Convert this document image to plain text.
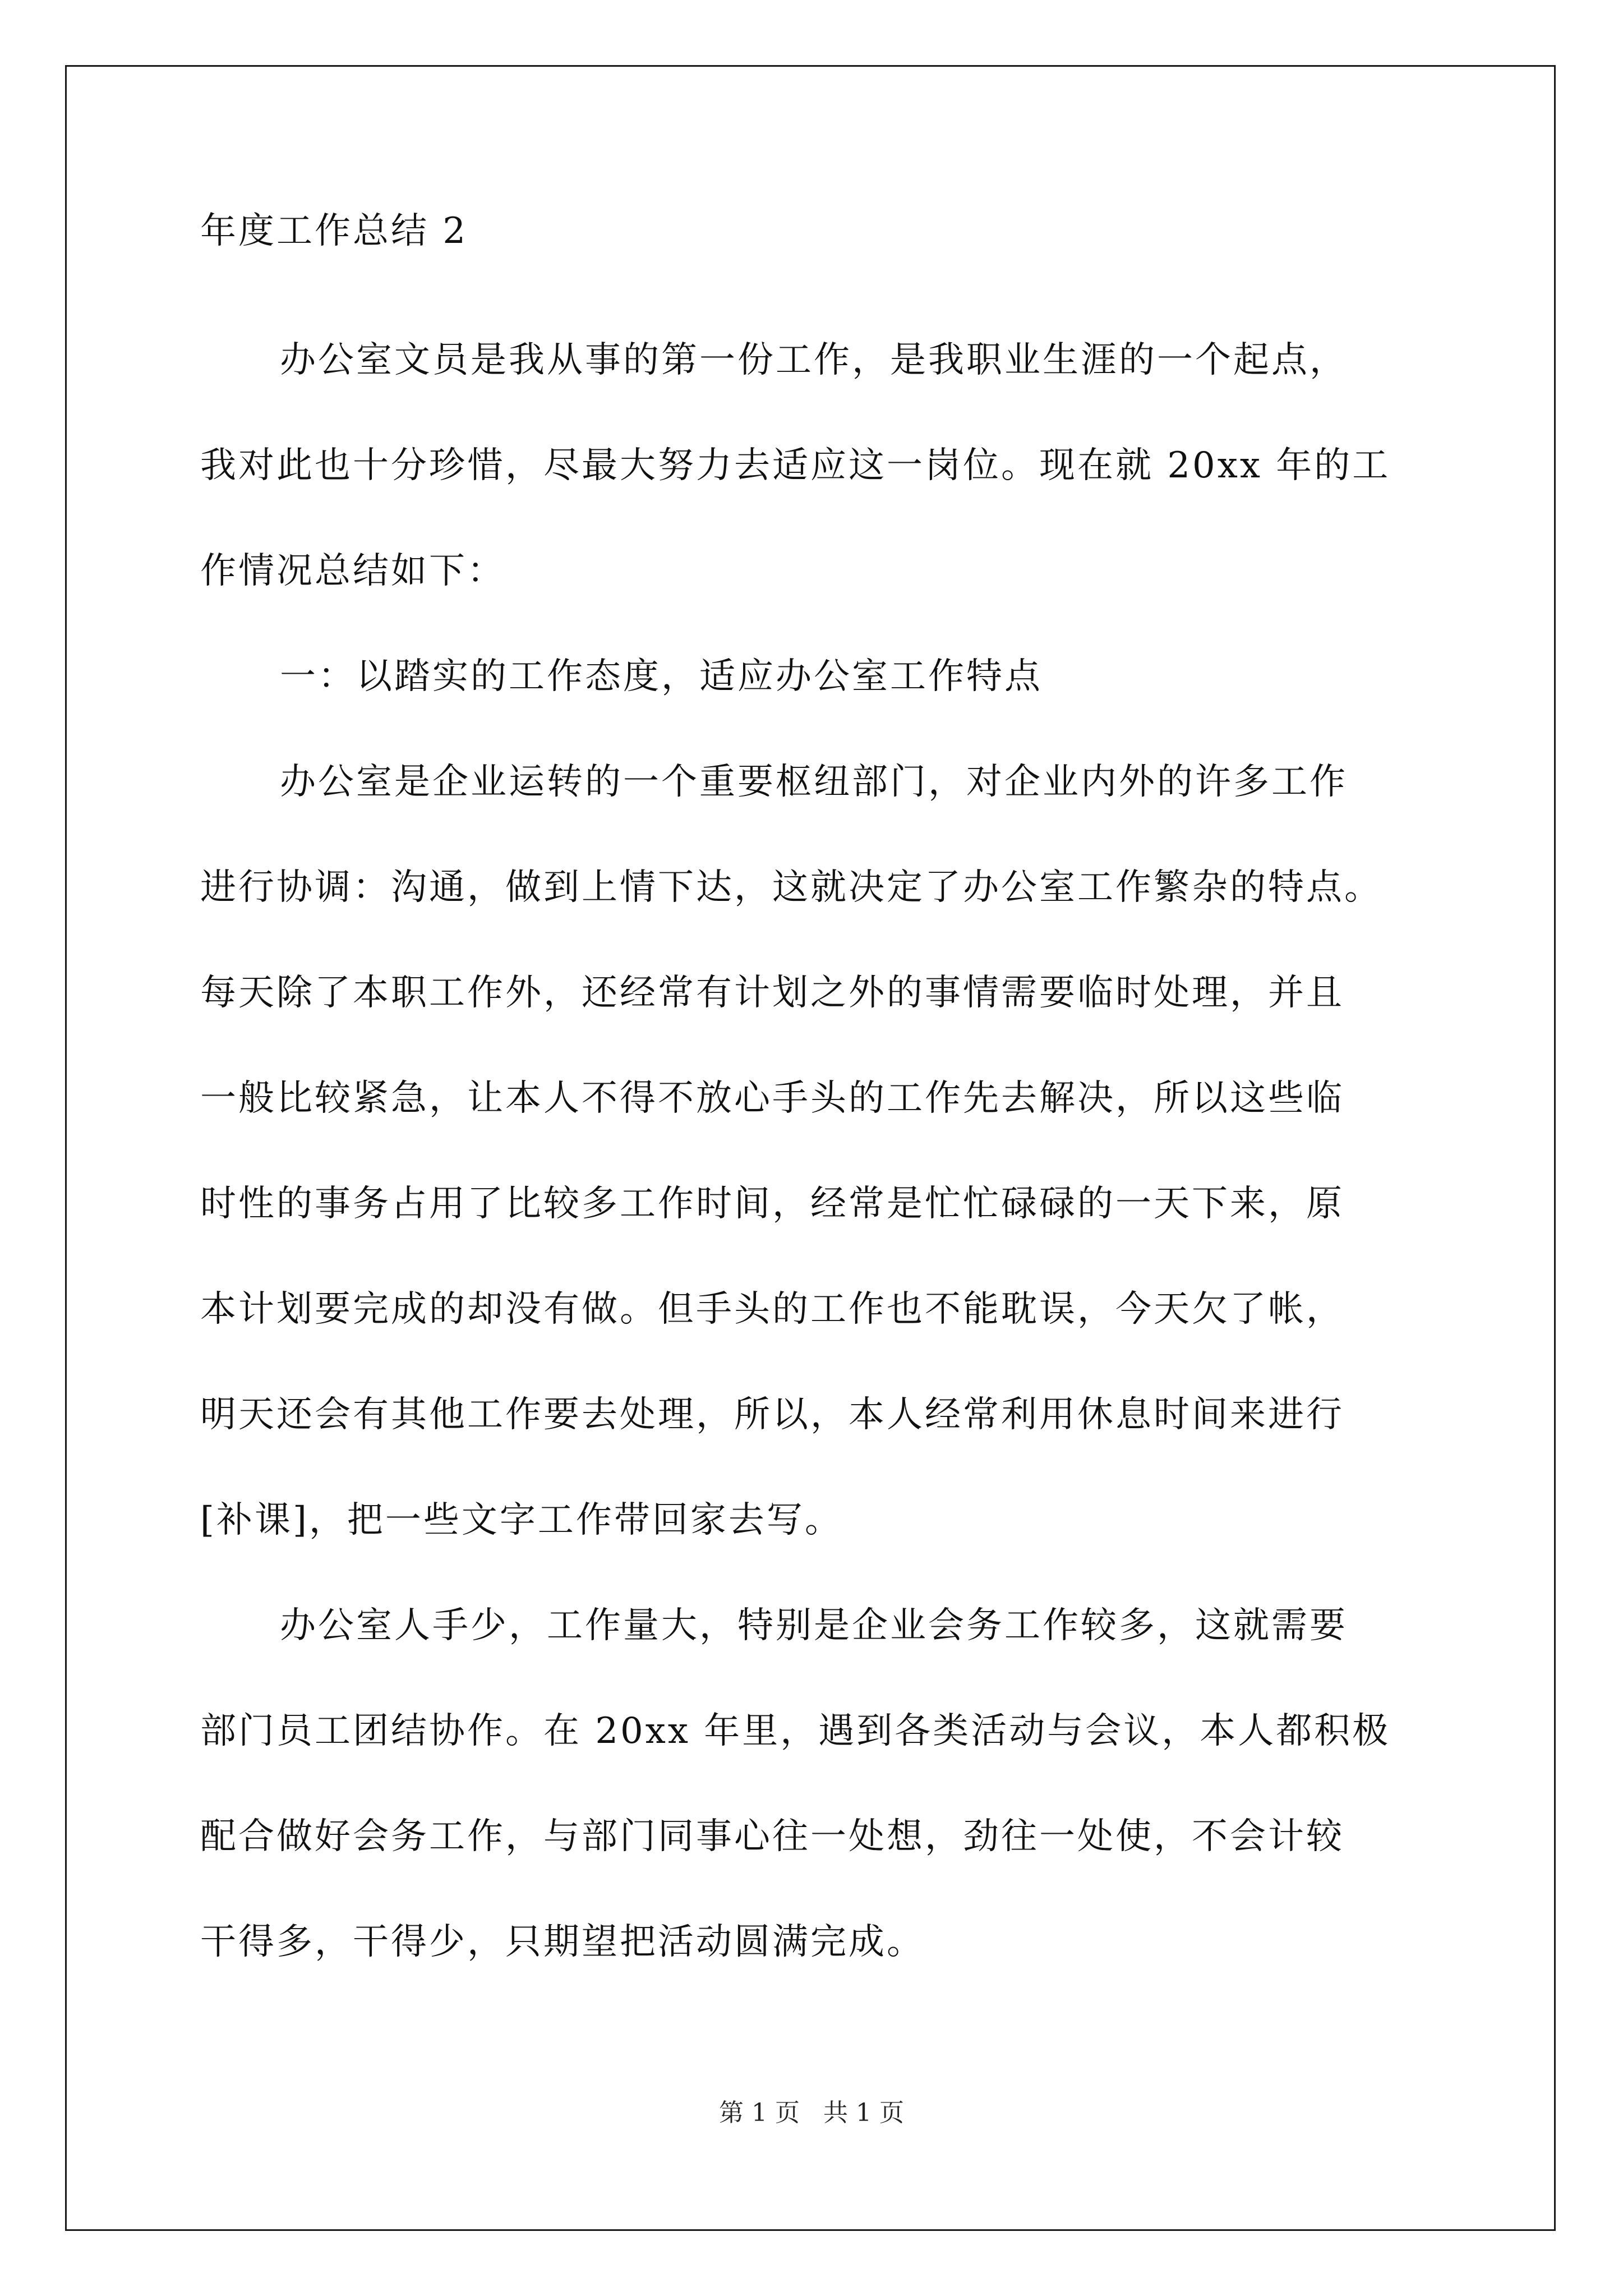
年度工作总结 2

办公室文员是我从事的第一份工作，是我职业生涯的一个起点，
我对此也十分珍惜，尽最大努力去适应这一岗位。现在就 20xx 年的工
作情况总结如下：

一：以踏实的工作态度，适应办公室工作特点

办公室是企业运转的一个重要枢纽部门，对企业内外的许多工作
进行协调：沟通，做到上情下达，这就决定了办公室工作繁杂的特点。
每天除了本职工作外，还经常有计划之外的事情需要临时处理，并且
一般比较紧急，让本人不得不放心手头的工作先去解决，所以这些临
时性的事务占用了比较多工作时间，经常是忙忙碌碌的一天下来，原
本计划要完成的却没有做。但手头的工作也不能耽误，今天欠了帐，
明天还会有其他工作要去处理，所以，本人经常利用休息时间来进行
[补课]，把一些文字工作带回家去写。

办公室人手少，工作量大，特别是企业会务工作较多，这就需要
部门员工团结协作。在 20xx 年里，遇到各类活动与会议，本人都积极
配合做好会务工作，与部门同事心往一处想，劲往一处使，不会计较
干得多，干得少，只期望把活动圆满完成。

第 1 页   共 1 页
